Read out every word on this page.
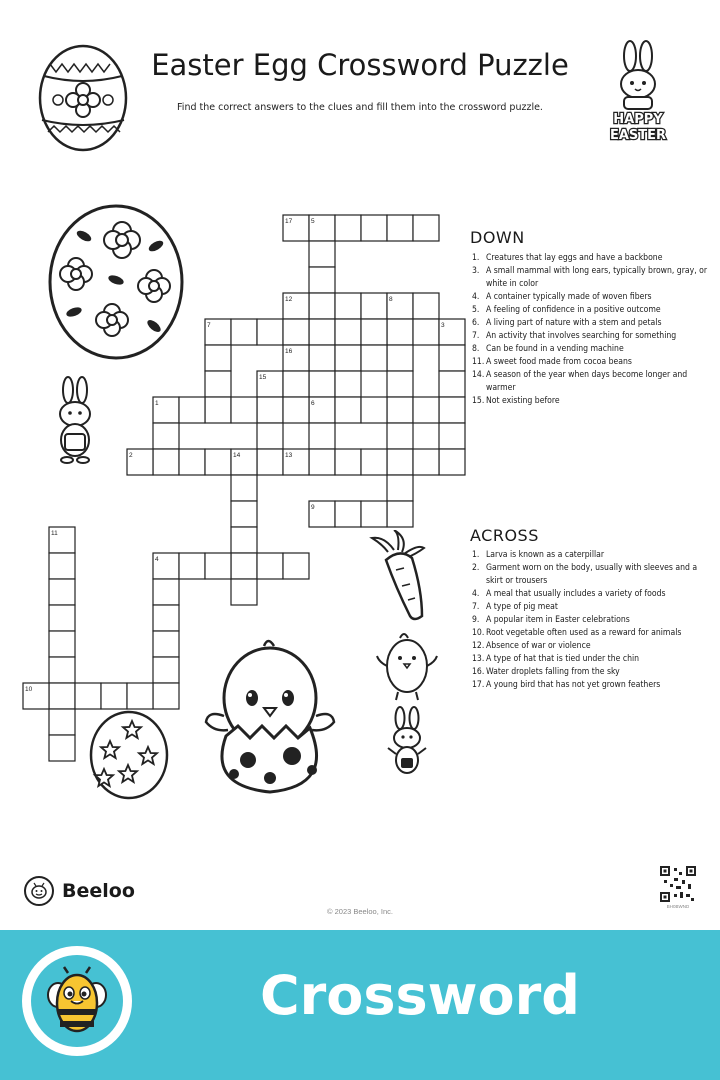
Easter Egg Crossword Puzzle
Find the correct answers to the clues and fill them into the crossword puzzle.
HAPPY
EASTER
17	5
12	8
7	3
16
15
1	6
2	14	13
9
11
4
10
DOWN
1. Creatures that lay eggs and have a backbone
3. A small mammal with long ears, typically brown, gray, or white in color
4. A container typically made of woven fibers
5. A feeling of confidence in a positive outcome
6. A living part of nature with a stem and petals
7. An activity that involves searching for something
8. Can be found in a vending machine
11. A sweet food made from cocoa beans
14. A season of the year when days become longer and warmer
15. Not existing before
ACROSS
1. Larva is known as a caterpillar
2. Garment worn on the body, usually with sleeves and a skirt or trousers
4. A meal that usually includes a variety of foods
7. A type of pig meat
9. A popular item in Easter celebrations
10. Root vegetable often used as a reward for animals
12. Absence of war or violence
13. A type of hat that is tied under the chin
16. Water droplets falling from the sky
17. A young bird that has not yet grown feathers
Beeloo
© 2023 Beeloo, Inc.
BH0BWND
Crossword
